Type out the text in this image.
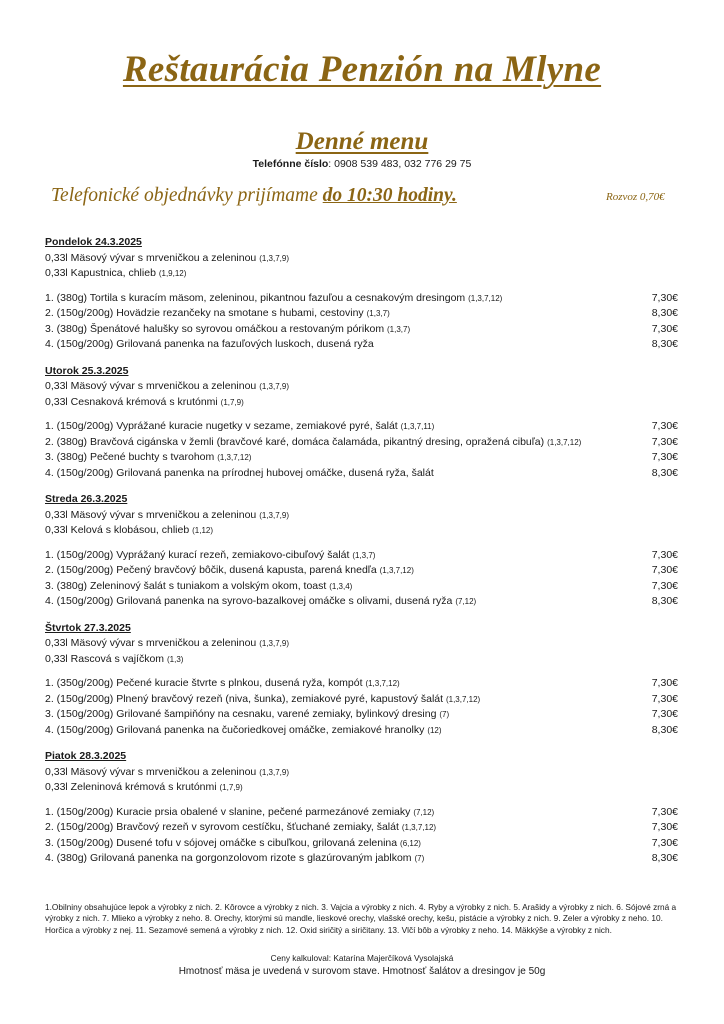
Reštaurácia Penzión na Mlyne
Denné menu
Telefónne číslo: 0908 539 483, 032 776 29 75
Telefonické objednávky prijímame do 10:30 hodiny.	Rozvoz 0,70€
Pondelok 24.3.2025
0,33l Mäsový vývar s mrveničkou a zeleninou (1,3,7,9)
0,33l Kapustnica, chlieb (1,9,12)
1. (380g) Tortila s kuracím mäsom, zeleninou, pikantnou fazuľou a cesnakovým dresingom (1,3,7,12)	7,30€
2. (150g/200g) Hovädzie rezančeky na smotane s hubami, cestoviny (1,3,7)	8,30€
3. (380g) Špenátové halušky so syrovou omáčkou a restovaným pórikom (1,3,7)	7,30€
4. (150g/200g) Grilovaná panenka na fazuľových luskoch, dusená ryža	8,30€
Utorok 25.3.2025
0,33l Mäsový vývar s mrveničkou a zeleninou (1,3,7,9)
0,33l Cesnaková krémová s krutónmi (1,7,9)
1. (150g/200g) Vyprážané kuracie nugetky v sezame, zemiakové pyré, šalát (1,3,7,11)	7,30€
2. (380g) Bravčová cigánska v žemli (bravčové karé, domáca čalamáda, pikantný dresing, opražená cibuľa) (1,3,7,12)	7,30€
3. (380g) Pečené buchty s tvarohom (1,3,7,12)	7,30€
4. (150g/200g) Grilovaná panenka na prírodnej hubovej omáčke, dusená ryža, šalát	8,30€
Streda 26.3.2025
0,33l Mäsový vývar s mrveničkou a zeleninou (1,3,7,9)
0,33l Kelová s klobásou, chlieb (1,12)
1. (150g/200g) Vyprážaný kurací rezeň, zemiakovo-cibuľový šalát (1,3,7)	7,30€
2. (150g/200g) Pečený bravčový bôčik, dusená kapusta, parená knedľa (1,3,7,12)	7,30€
3. (380g) Zeleninový šalát s tuniakom a volským okom, toast (1,3,4)	7,30€
4. (150g/200g) Grilovaná panenka na syrovo-bazalkovej omáčke s olivami, dusená ryža (7,12)	8,30€
Štvrtok 27.3.2025
0,33l Mäsový vývar s mrveničkou a zeleninou (1,3,7,9)
0,33l Rascová s vajíčkom (1,3)
1. (350g/200g) Pečené kuracie štvrte s plnkou, dusená ryža, kompót (1,3,7,12)	7,30€
2. (150g/200g) Plnený bravčový rezeň (niva, šunka), zemiakové pyré, kapustový šalát (1,3,7,12)	7,30€
3. (150g/200g) Grilované šampiňóny na cesnaku, varené zemiaky, bylinkový dresing (7)	7,30€
4. (150g/200g) Grilovaná panenka na čučoriedkovej omáčke, zemiakové hranolky (12)	8,30€
Piatok 28.3.2025
0,33l Mäsový vývar s mrveničkou a zeleninou (1,3,7,9)
0,33l Zeleninová krémová s krutónmi (1,7,9)
1. (150g/200g) Kuracie prsia obalené v slanine, pečené parmezánové zemiaky (7,12)	7,30€
2. (150g/200g) Bravčový rezeň v syrovom cestíčku, šťuchané zemiaky, šalát (1,3,7,12)	7,30€
3. (150g/200g) Dusené tofu v sójovej omáčke s cibuľkou, grilovaná zelenina (6,12)	7,30€
4. (380g) Grilovaná panenka na gorgonzolovom rizote s glazúrovaným jablkom (7)	8,30€
1.Obilniny obsahujúce lepok a výrobky z nich. 2. Kôrovce a výrobky z nich. 3. Vajcia a výrobky z nich. 4. Ryby a výrobky z nich. 5. Arašidy a výrobky z nich. 6. Sójové zrná a výrobky z nich. 7. Mlieko a výrobky z neho. 8. Orechy, ktorými sú mandle, lieskové orechy, vlašské orechy, kešu, pistácie a výrobky z nich. 9. Zeler a výrobky z neho. 10. Horčica a výrobky z nej. 11. Sezamové semená a výrobky z nich. 12. Oxid siričitý a siričitany. 13. Vlčí bôb a výrobky z neho. 14. Mäkkýše a výrobky z nich.
Ceny kalkuloval: Katarína Majerčíková Vysolajská
Hmotnosť mäsa je uvedená v surovom stave. Hmotnosť šalátov a dresingov je 50g
